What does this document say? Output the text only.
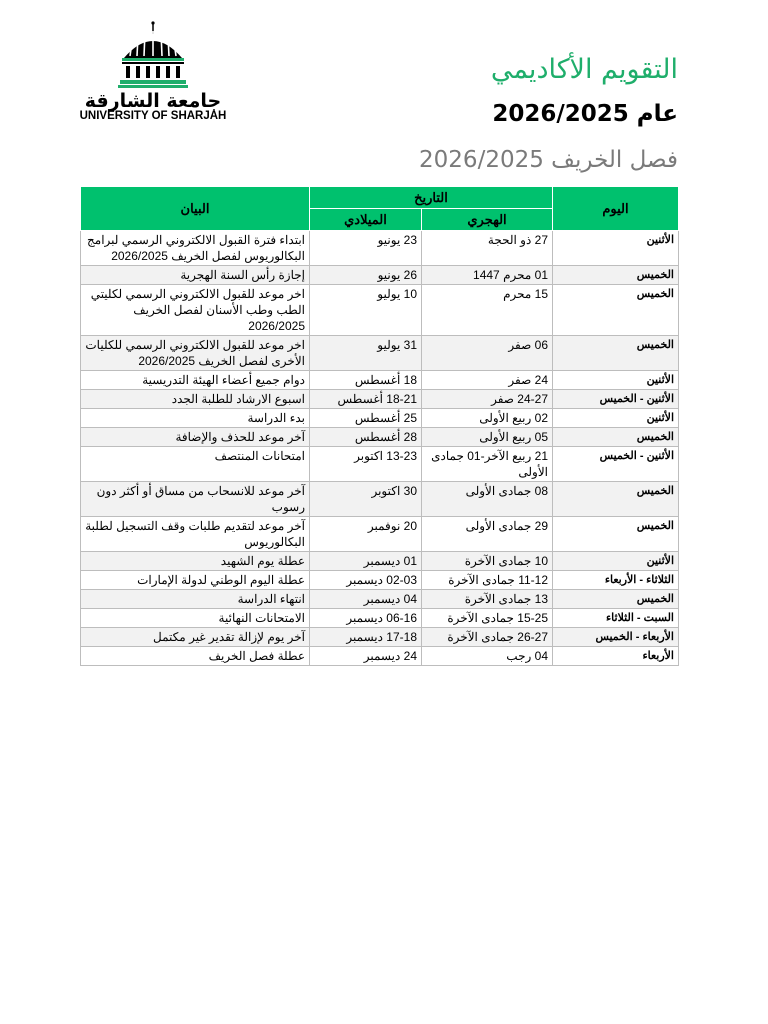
جامعة الشارقة
UNIVERSITY OF SHARJAH
التقويم الأكاديمي
عام 2026/2025
فصل الخريف 2026/2025
اليوم	التاريخ		البيان
	الهجري	الميلادي	
الأثنين	27 ذو الحجة	23 يونيو	ابتداء فترة القبول الالكتروني الرسمي لبرامج البكالوريوس لفصل الخريف 2026/2025
الخميس	01 محرم 1447	26 يونيو	إجازة رأس السنة الهجرية
الخميس	15 محرم	10 يوليو	اخر موعد للقبول الالكتروني الرسمي لكليتي الطب وطب الأسنان لفصل الخريف 2026/2025
الخميس	06 صفر	31 يوليو	اخر موعد للقبول الالكتروني الرسمي للكليات الأخرى لفصل الخريف 2026/2025
الأثنين	24 صفر	18 أغسطس	دوام جميع أعضاء الهيئة التدريسية
الأثنين - الخميس	24-27 صفر	18-21 أغسطس	اسبوع الارشاد للطلبة الجدد
الأثنين	02 ربيع الأولى	25 أغسطس	بدء الدراسة
الخميس	05 ربيع الأولى	28 أغسطس	آخر موعد للحذف والإضافة
الأثنين - الخميس	21 ربيع الآخر-01 جمادى الأولى	13-23 اكتوبر	امتحانات المنتصف
الخميس	08 جمادى الأولى	30 اكتوبر	آخر موعد للانسحاب من مساق أو أكثر دون رسوب
الخميس	29 جمادى الأولى	20 نوفمبر	آخر موعد لتقديم طلبات وقف التسجيل لطلبة البكالوريوس
الأثنين	10 جمادى الآخرة	01 ديسمبر	عطلة يوم الشهيد
الثلاثاء - الأربعاء	11-12 جمادى الآخرة	02-03 ديسمبر	عطلة اليوم الوطني لدولة الإمارات
الخميس	13 جمادى الآخرة	04 ديسمبر	انتهاء الدراسة
السبت - الثلاثاء	15-25 جمادى الآخرة	06-16 ديسمبر	الامتحانات النهائية
الأربعاء - الخميس	26-27 جمادى الآخرة	17-18 ديسمبر	آخر يوم لإزالة تقدير غير مكتمل
الأربعاء	04 رجب	24 ديسمبر	عطلة فصل الخريف
